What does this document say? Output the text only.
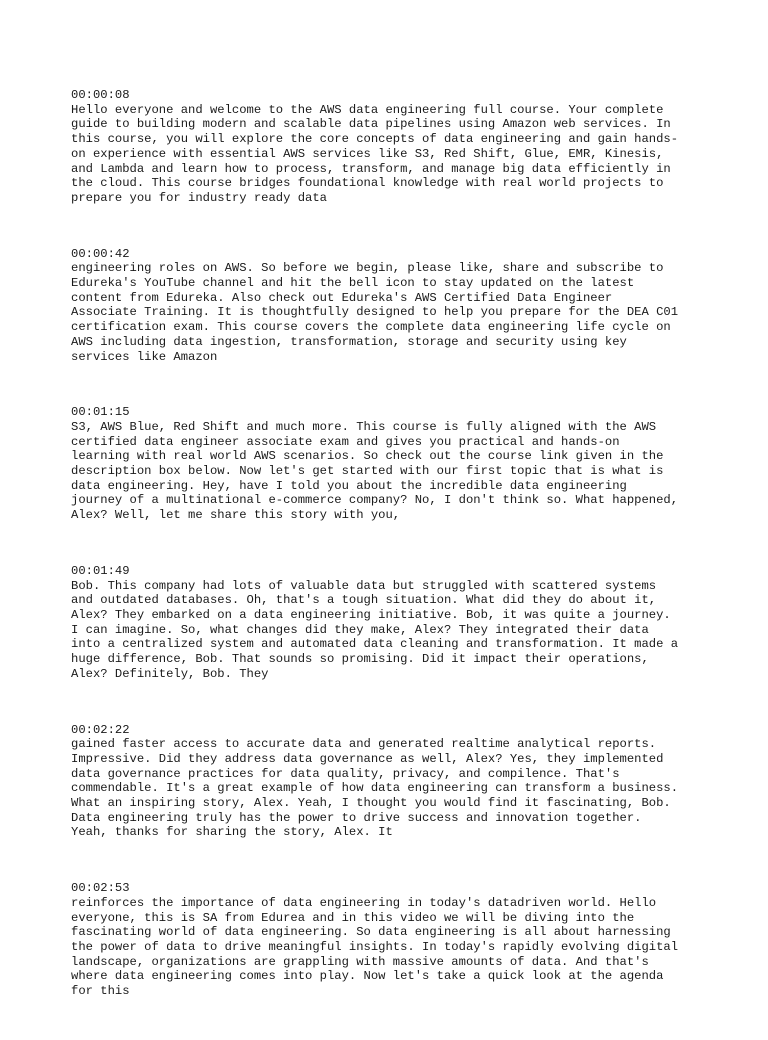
00:00:08
Hello everyone and welcome to the AWS data engineering full course. Your complete
guide to building modern and scalable data pipelines using Amazon web services. In
this course, you will explore the core concepts of data engineering and gain hands-
on experience with essential AWS services like S3, Red Shift, Glue, EMR, Kinesis,
and Lambda and learn how to process, transform, and manage big data efficiently in
the cloud. This course bridges foundational knowledge with real world projects to
prepare you for industry ready data
00:00:42
engineering roles on AWS. So before we begin, please like, share and subscribe to
Edureka's YouTube channel and hit the bell icon to stay updated on the latest
content from Edureka. Also check out Edureka's AWS Certified Data Engineer
Associate Training. It is thoughtfully designed to help you prepare for the DEA C01
certification exam. This course covers the complete data engineering life cycle on
AWS including data ingestion, transformation, storage and security using key
services like Amazon
00:01:15
S3, AWS Blue, Red Shift and much more. This course is fully aligned with the AWS
certified data engineer associate exam and gives you practical and hands-on
learning with real world AWS scenarios. So check out the course link given in the
description box below. Now let's get started with our first topic that is what is
data engineering. Hey, have I told you about the incredible data engineering
journey of a multinational e-commerce company? No, I don't think so. What happened,
Alex? Well, let me share this story with you,
00:01:49
Bob. This company had lots of valuable data but struggled with scattered systems
and outdated databases. Oh, that's a tough situation. What did they do about it,
Alex? They embarked on a data engineering initiative. Bob, it was quite a journey.
I can imagine. So, what changes did they make, Alex? They integrated their data
into a centralized system and automated data cleaning and transformation. It made a
huge difference, Bob. That sounds so promising. Did it impact their operations,
Alex? Definitely, Bob. They
00:02:22
gained faster access to accurate data and generated realtime analytical reports.
Impressive. Did they address data governance as well, Alex? Yes, they implemented
data governance practices for data quality, privacy, and compilence. That's
commendable. It's a great example of how data engineering can transform a business.
What an inspiring story, Alex. Yeah, I thought you would find it fascinating, Bob.
Data engineering truly has the power to drive success and innovation together.
Yeah, thanks for sharing the story, Alex. It
00:02:53
reinforces the importance of data engineering in today's datadriven world. Hello
everyone, this is SA from Edurea and in this video we will be diving into the
fascinating world of data engineering. So data engineering is all about harnessing
the power of data to drive meaningful insights. In today's rapidly evolving digital
landscape, organizations are grappling with massive amounts of data. And that's
where data engineering comes into play. Now let's take a quick look at the agenda
for this
